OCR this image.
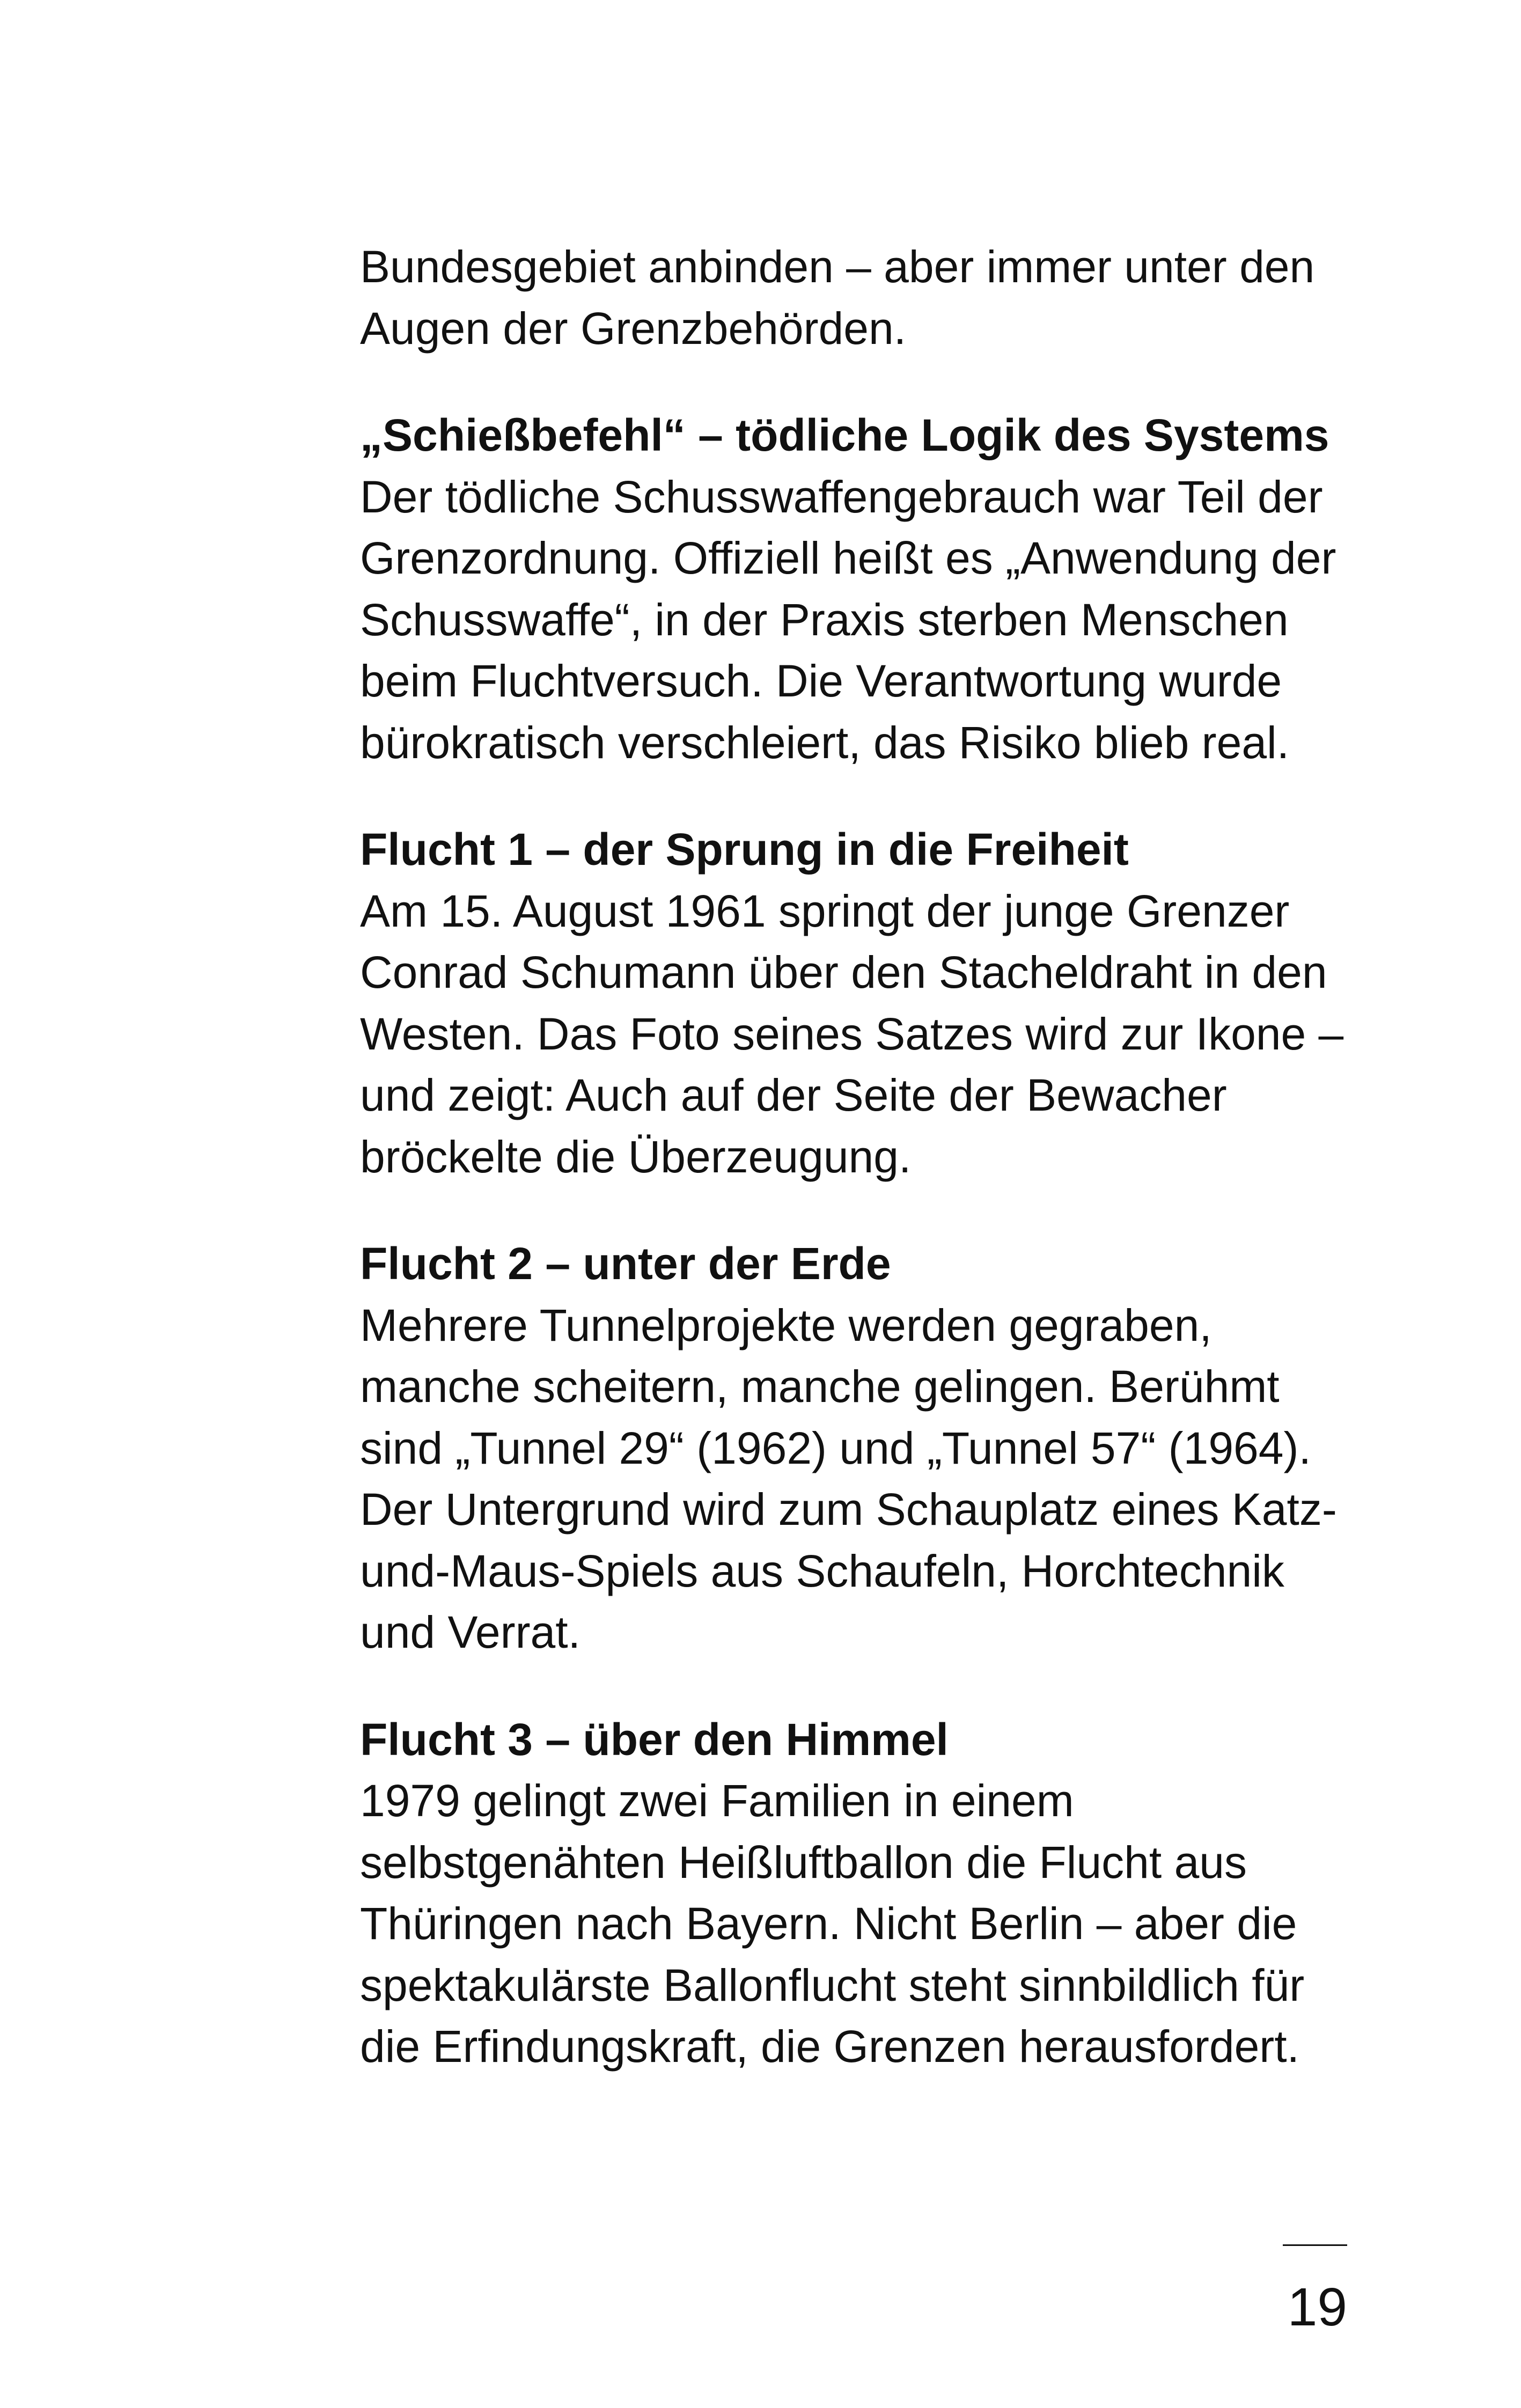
Bundesgebiet anbinden – aber immer unter den
Augen der Grenzbehörden.

„Schießbefehl“ – tödliche Logik des Systems

Der tödliche Schusswaffengebrauch war Teil der
Grenzordnung. Offiziell heißt es „Anwendung der
Schusswaffe“, in der Praxis sterben Menschen
beim Fluchtversuch. Die Verantwortung wurde
bürokratisch verschleiert, das Risiko blieb real.

Flucht 1 – der Sprung in die Freiheit

Am 15. August 1961 springt der junge Grenzer
Conrad Schumann über den Stacheldraht in den
Westen. Das Foto seines Satzes wird zur Ikone –
und zeigt: Auch auf der Seite der Bewacher
bröckelte die Überzeugung.

Flucht 2 – unter der Erde

Mehrere Tunnelprojekte werden gegraben,
manche scheitern, manche gelingen. Berühmt
sind „Tunnel 29“ (1962) und „Tunnel 57“ (1964).
Der Untergrund wird zum Schauplatz eines Katz-
und-Maus-Spiels aus Schaufeln, Horchtechnik
und Verrat.

Flucht 3 – über den Himmel

1979 gelingt zwei Familien in einem
selbstgenähten Heißluftballon die Flucht aus
Thüringen nach Bayern. Nicht Berlin – aber die
spektakulärste Ballonflucht steht sinnbildlich für
die Erfindungskraft, die Grenzen herausfordert.

19
